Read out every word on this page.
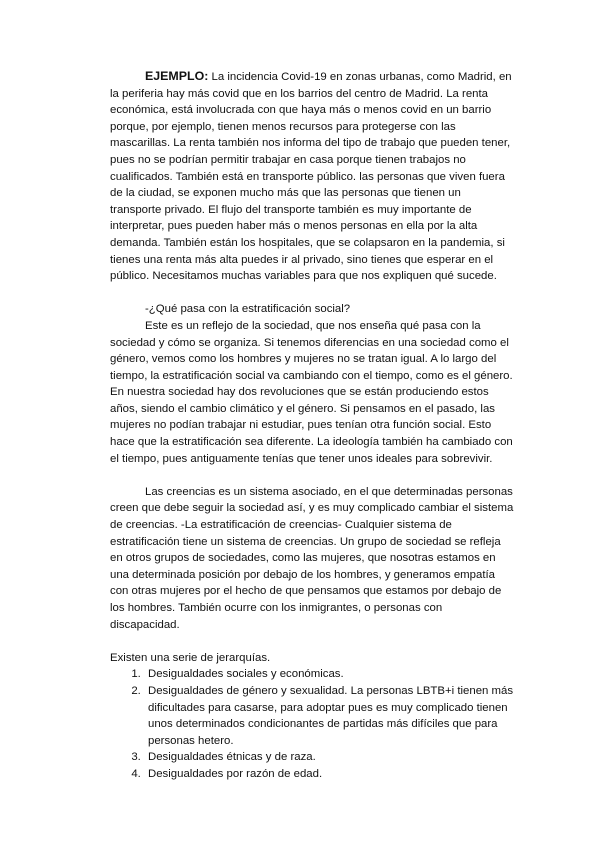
EJEMPLO: La incidencia Covid-19 en zonas urbanas, como Madrid, en la periferia hay más covid que en los barrios del centro de Madrid. La renta económica, está involucrada con que haya más o menos covid en un barrio porque, por ejemplo, tienen menos recursos para protegerse con las mascarillas. La renta también nos informa del tipo de trabajo que pueden tener, pues no se podrían permitir trabajar en casa porque tienen trabajos no cualificados. También está en transporte público. las personas que viven fuera de la ciudad, se exponen mucho más que las personas que tienen un transporte privado. El flujo del transporte también es muy importante de interpretar, pues pueden haber más o menos personas en ella por la alta demanda. También están los hospitales, que se colapsaron en la pandemia, si tienes una renta más alta puedes ir al privado, sino tienes que esperar en el público. Necesitamos muchas variables para que nos expliquen qué sucede.

-¿Qué pasa con la estratificación social?

Este es un reflejo de la sociedad, que nos enseña qué pasa con la sociedad y cómo se organiza. Si tenemos diferencias en una sociedad como el género, vemos como los hombres y mujeres no se tratan igual. A lo largo del tiempo, la estratificación social va cambiando con el tiempo, como es el género. En nuestra sociedad hay dos revoluciones que se están produciendo estos años, siendo el cambio climático y el género. Si pensamos en el pasado, las mujeres no podían trabajar ni estudiar, pues tenían otra función social. Esto hace que la estratificación sea diferente. La ideología también ha cambiado con el tiempo, pues antiguamente tenías que tener unos ideales para sobrevivir.

Las creencias es un sistema asociado, en el que determinadas personas creen que debe seguir la sociedad así, y es muy complicado cambiar el sistema de creencias. -La estratificación de creencias- Cualquier sistema de estratificación tiene un sistema de creencias. Un grupo de sociedad se refleja en otros grupos de sociedades, como las mujeres, que nosotras estamos en una determinada posición por debajo de los hombres, y generamos empatía con otras mujeres por el hecho de que pensamos que estamos por debajo de los hombres. También ocurre con los inmigrantes, o personas con discapacidad.

Existen una serie de jerarquías.

1. Desigualdades sociales y económicas.
2. Desigualdades de género y sexualidad. La personas LBTB+i tienen más dificultades para casarse, para adoptar pues es muy complicado tienen unos determinados condicionantes de partidas más difíciles que para personas hetero.
3. Desigualdades étnicas y de raza.
4. Desigualdades por razón de edad.
